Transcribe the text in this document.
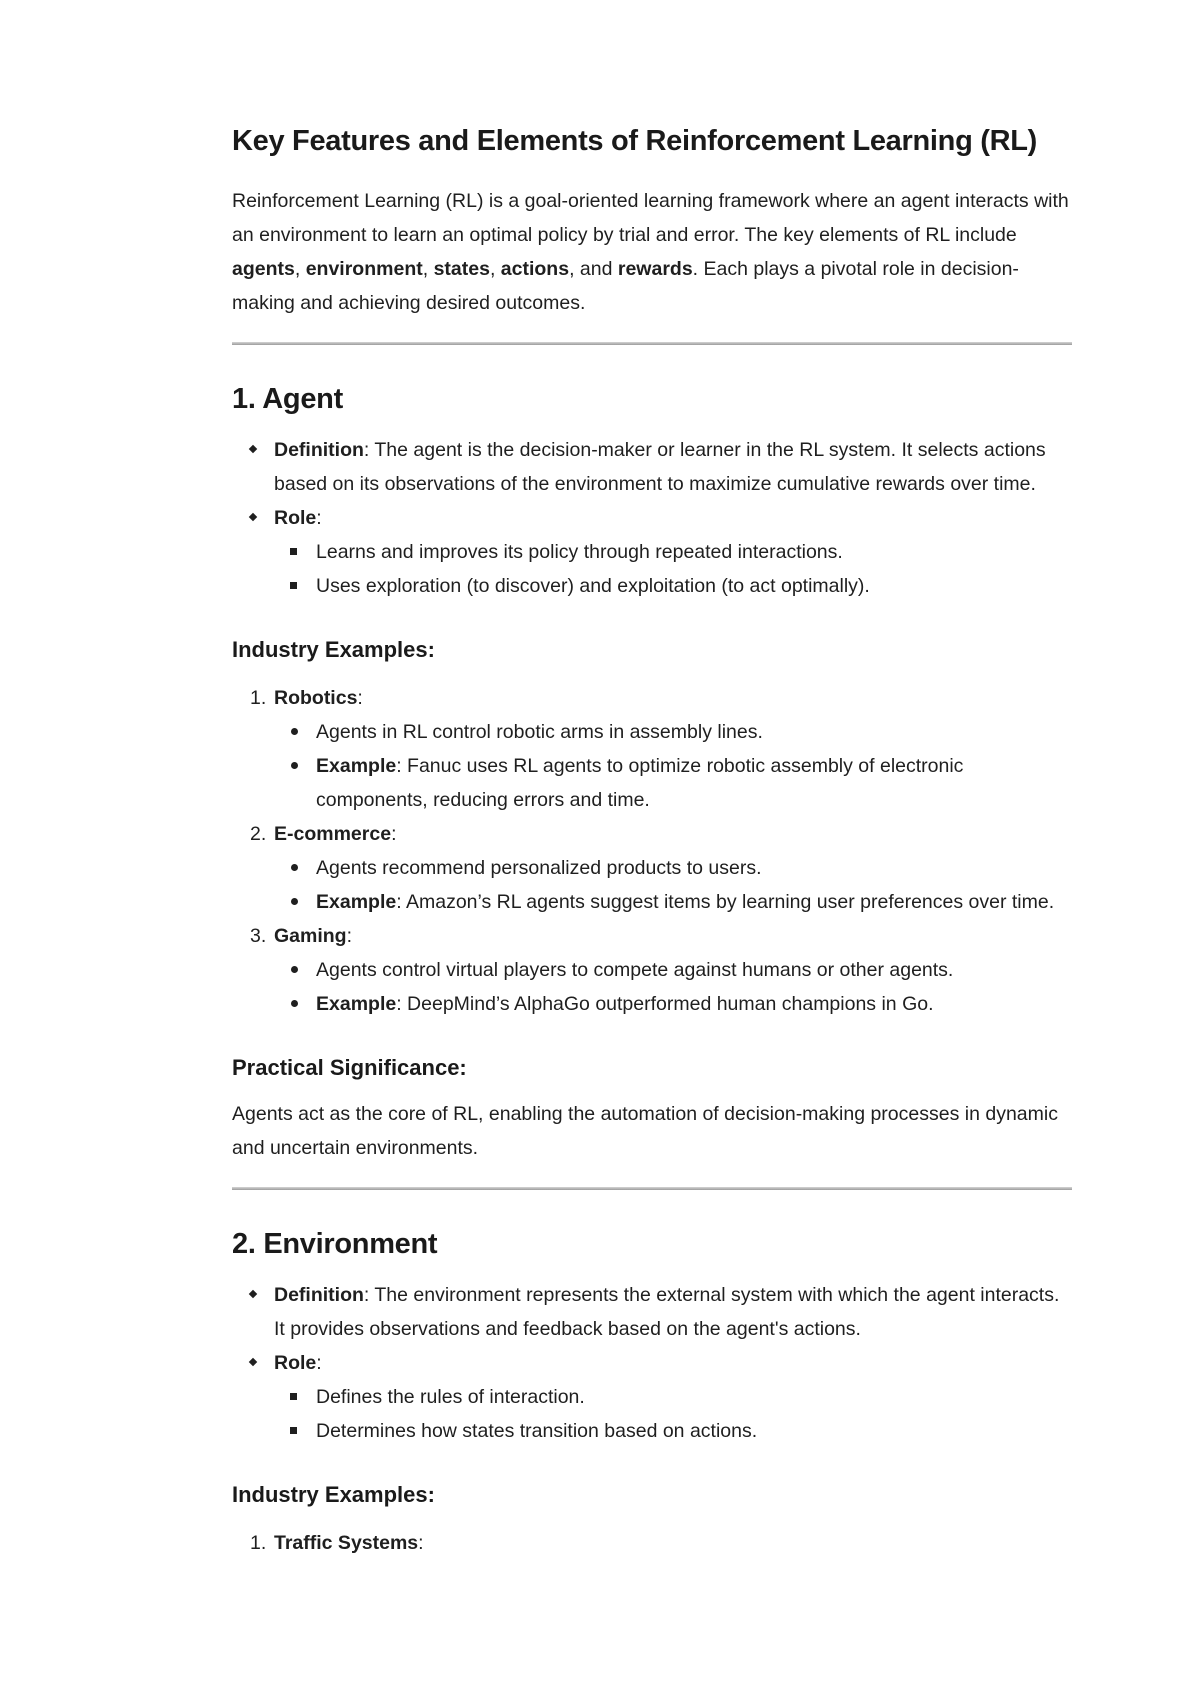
Key Features and Elements of Reinforcement Learning (RL)

Reinforcement Learning (RL) is a goal-oriented learning framework where an agent interacts with an environment to learn an optimal policy by trial and error. The key elements of RL include agents, environment, states, actions, and rewards. Each plays a pivotal role in decision-making and achieving desired outcomes.

1. Agent
Definition: The agent is the decision-maker or learner in the RL system. It selects actions based on its observations of the environment to maximize cumulative rewards over time.
Role:
Learns and improves its policy through repeated interactions.
Uses exploration (to discover) and exploitation (to act optimally).
Industry Examples:
1. Robotics:
Agents in RL control robotic arms in assembly lines.
Example: Fanuc uses RL agents to optimize robotic assembly of electronic components, reducing errors and time.
2. E-commerce:
Agents recommend personalized products to users.
Example: Amazon’s RL agents suggest items by learning user preferences over time.
3. Gaming:
Agents control virtual players to compete against humans or other agents.
Example: DeepMind’s AlphaGo outperformed human champions in Go.
Practical Significance:

Agents act as the core of RL, enabling the automation of decision-making processes in dynamic and uncertain environments.

2. Environment
Definition: The environment represents the external system with which the agent interacts. It provides observations and feedback based on the agent's actions.
Role:
Defines the rules of interaction.
Determines how states transition based on actions.
Industry Examples:
1. Traffic Systems:
